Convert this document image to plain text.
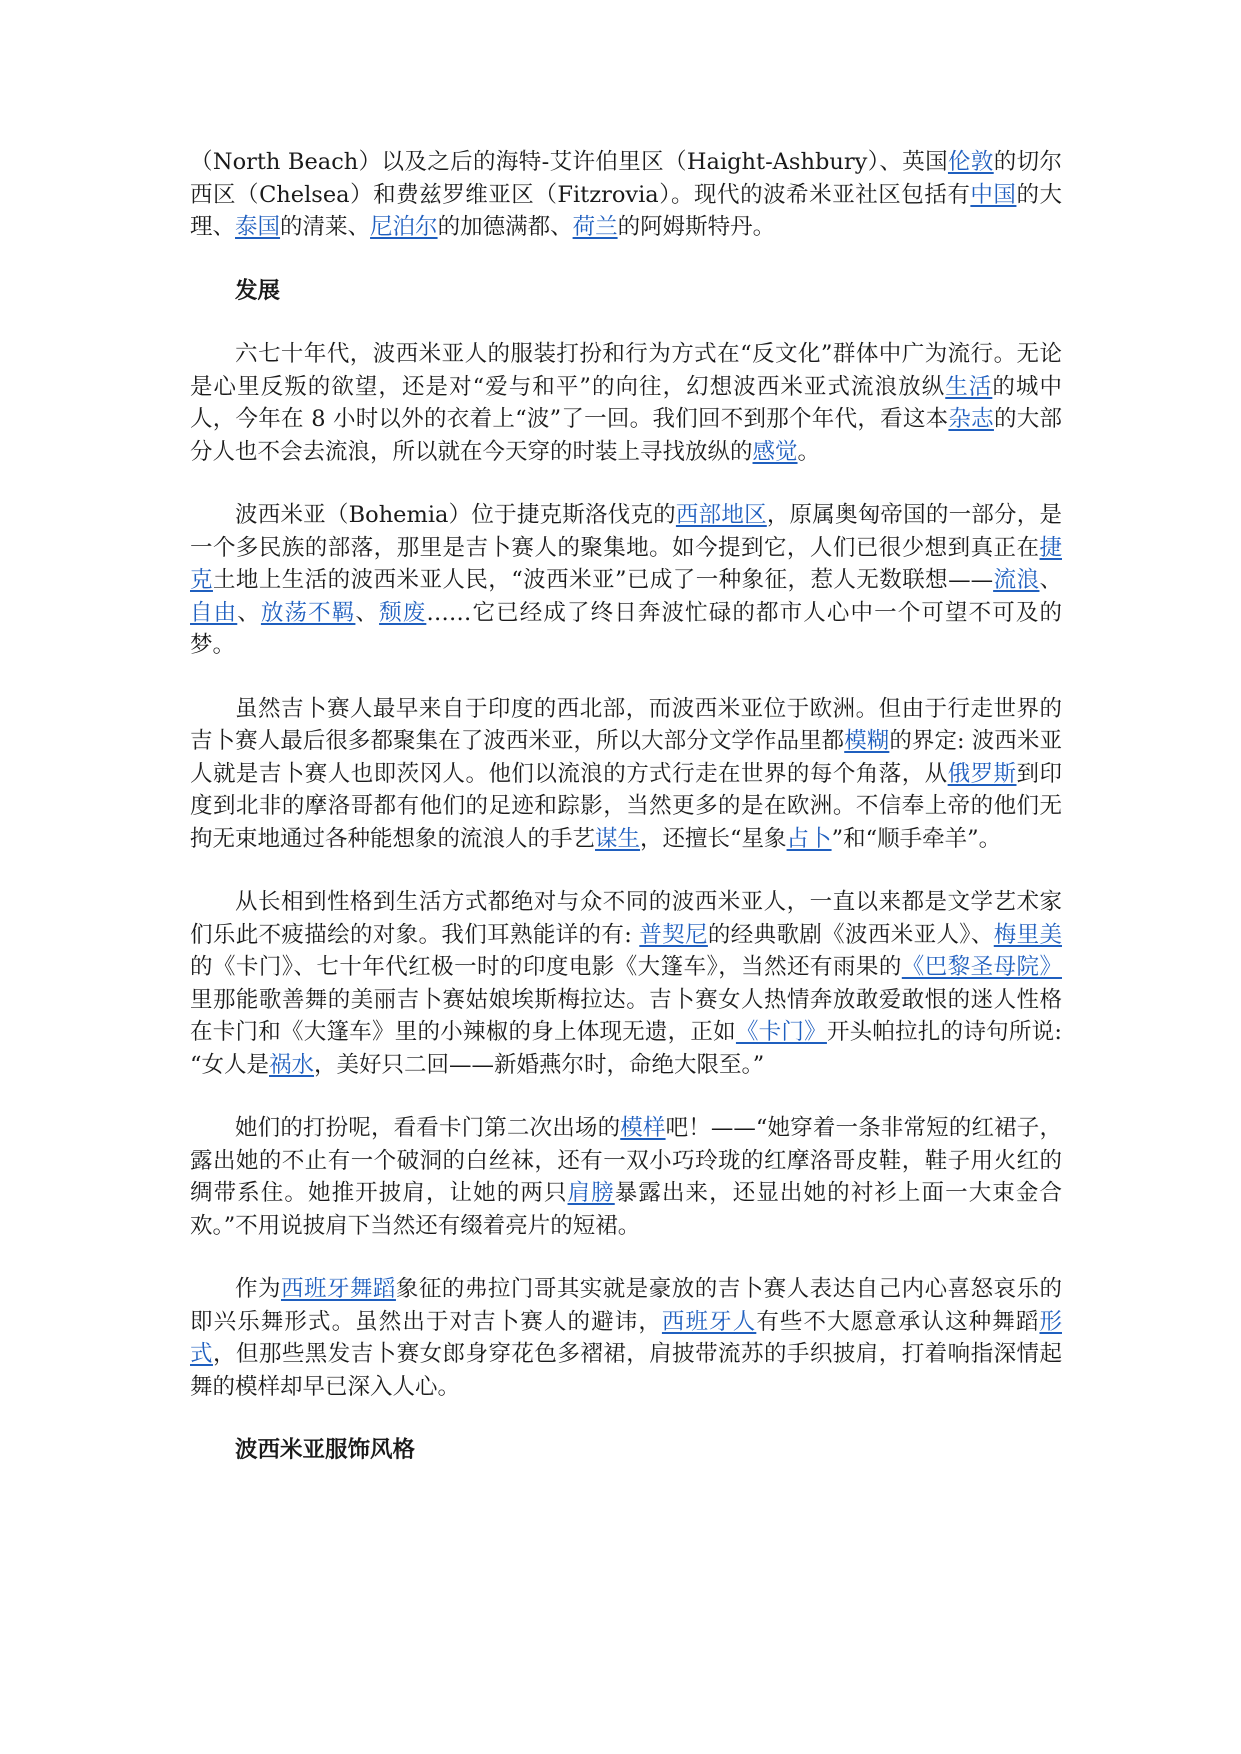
（North Beach）以及之后的海特-艾许伯里区（Haight-Ashbury）、英国伦敦的切尔西区（Chelsea）和费兹罗维亚区（Fitzrovia）。现代的波希米亚社区包括有中国的大理、泰国的清莱、尼泊尔的加德满都、荷兰的阿姆斯特丹。

发展

六七十年代，波西米亚人的服装打扮和行为方式在“反文化”群体中广为流行。无论是心里反叛的欲望，还是对“爱与和平”的向往，幻想波西米亚式流浪放纵生活的城中人，今年在 8 小时以外的衣着上“波”了一回。我们回不到那个年代，看这本杂志的大部分人也不会去流浪，所以就在今天穿的时装上寻找放纵的感觉。

波西米亚（Bohemia）位于捷克斯洛伐克的西部地区，原属奥匈帝国的一部分，是一个多民族的部落，那里是吉卜赛人的聚集地。如今提到它，人们已很少想到真正在捷克土地上生活的波西米亚人民，“波西米亚”已成了一种象征，惹人无数联想——流浪、自由、放荡不羁、颓废……它已经成了终日奔波忙碌的都市人心中一个可望不可及的梦。

虽然吉卜赛人最早来自于印度的西北部，而波西米亚位于欧洲。但由于行走世界的吉卜赛人最后很多都聚集在了波西米亚，所以大部分文学作品里都模糊的界定: 波西米亚人就是吉卜赛人也即茨冈人。他们以流浪的方式行走在世界的每个角落，从俄罗斯到印度到北非的摩洛哥都有他们的足迹和踪影，当然更多的是在欧洲。不信奉上帝的他们无拘无束地通过各种能想象的流浪人的手艺谋生，还擅长“星象占卜”和“顺手牵羊”。

从长相到性格到生活方式都绝对与众不同的波西米亚人，一直以来都是文学艺术家们乐此不疲描绘的对象。我们耳熟能详的有: 普契尼的经典歌剧《波西米亚人》、梅里美的《卡门》、七十年代红极一时的印度电影《大篷车》，当然还有雨果的《巴黎圣母院》里那能歌善舞的美丽吉卜赛姑娘埃斯梅拉达。吉卜赛女人热情奔放敢爱敢恨的迷人性格在卡门和《大篷车》里的小辣椒的身上体现无遗，正如《卡门》开头帕拉扎的诗句所说: “女人是祸水，美好只二回——新婚燕尔时，命绝大限至。”

她们的打扮呢，看看卡门第二次出场的模样吧！——“她穿着一条非常短的红裙子，露出她的不止有一个破洞的白丝袜，还有一双小巧玲珑的红摩洛哥皮鞋，鞋子用火红的绸带系住。她推开披肩，让她的两只肩膀暴露出来，还显出她的衬衫上面一大束金合欢。”不用说披肩下当然还有缀着亮片的短裙。

作为西班牙舞蹈象征的弗拉门哥其实就是豪放的吉卜赛人表达自己内心喜怒哀乐的即兴乐舞形式。虽然出于对吉卜赛人的避讳，西班牙人有些不大愿意承认这种舞蹈形式，但那些黑发吉卜赛女郎身穿花色多褶裙，肩披带流苏的手织披肩，打着响指深情起舞的模样却早已深入人心。

波西米亚服饰风格
